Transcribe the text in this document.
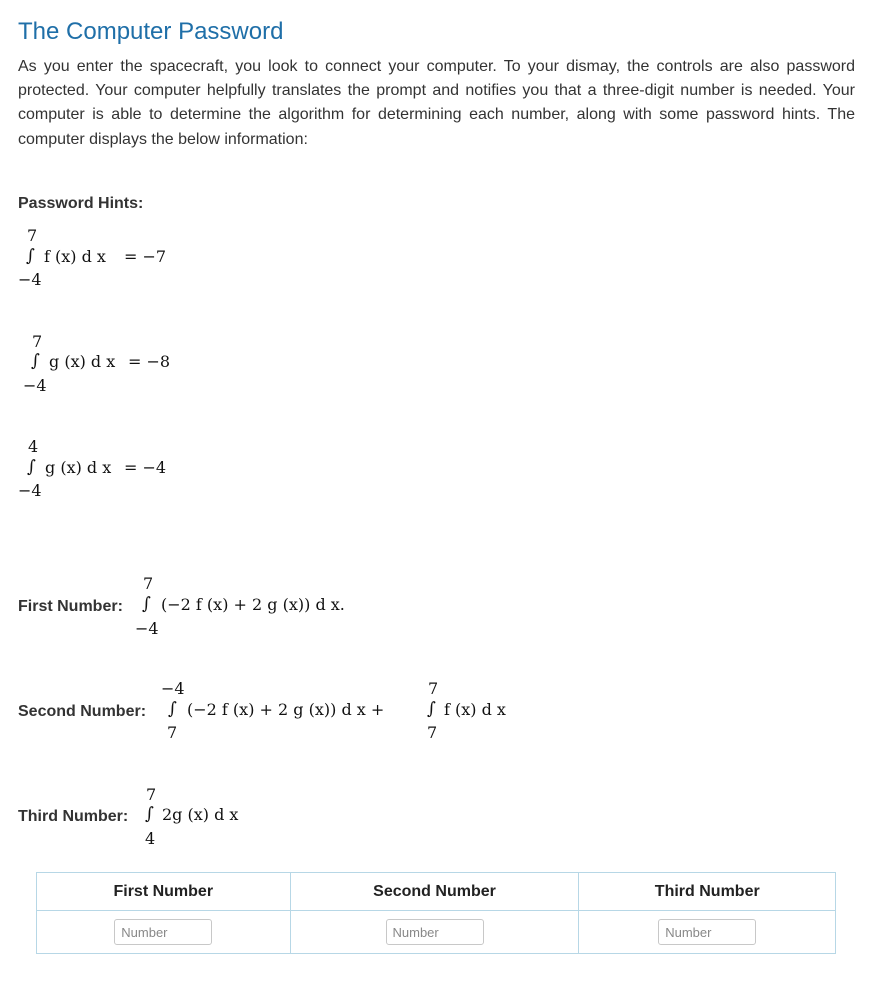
The Computer Password

As you enter the spacecraft, you look to connect your computer. To your dismay, the controls are also password protected. Your computer helpfully translates the prompt and notifies you that a three-digit number is needed. Your computer is able to determine the algorithm for determining each number, along with some password hints. The computer displays the below information:

Password Hints:
7
∫
−4
f (x) d x = −7
7
∫
−4
g (x) d x = −8
4
∫
−4
g (x) d x = −4
First Number:
7
∫
−4
(−2 f (x) + 2 g (x)) d x.
Second Number:
−4
∫
7
(−2 f (x) + 2 g (x)) d x +
7
∫
7
f (x) d x
Third Number:
7
∫
4
2g (x) d x
First Number	Second Number	Third Number
Number	Number	Number
